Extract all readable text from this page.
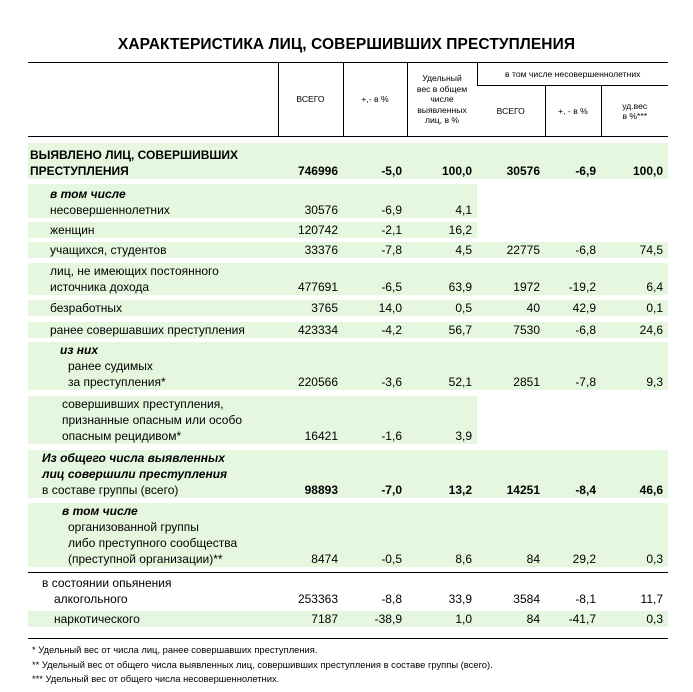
ХАРАКТЕРИСТИКА ЛИЦ, СОВЕРШИВШИХ ПРЕСТУПЛЕНИЯ
	ВСЕГО	+,- в %	Удельный
вес в общем
числе
выявленных
лиц, в %	в том числе несовершеннолетних		
				ВСЕГО	+, - в %	уд.вес
в %***

ВЫЯВЛЕНО ЛИЦ, СОВЕРШИВШИХ
ПРЕСТУПЛЕНИЯ	746996	-5,0	100,0	30576	-6,9	100,0

в том числе
несовершеннолетних	30576	-6,9	4,1			

женщин	120742	-2,1	16,2			

учащихся, студентов	33376	-7,8	4,5	22775	-6,8	74,5

лиц, не имеющих постоянного
источника дохода	477691	-6,5	63,9	1972	-19,2	6,4

безработных	3765	14,0	0,5	40	42,9	0,1

ранее совершавших преступления	423334	-4,2	56,7	7530	-6,8	24,6

из них
ранее судимых
за преступления*	220566	-3,6	52,1	2851	-7,8	9,3

совершивших преступления,
признанные опасным или особо
опасным рецидивом*	16421	-1,6	3,9			

Из общего числа выявленных
лиц совершили преступления
в составе группы (всего)	98893	-7,0	13,2	14251	-8,4	46,6

в том числе
организованной группы
либо преступного сообщества
(преступной организации)**	8474	-0,5	8,6	84	29,2	0,3

в состоянии опьянения
алкогольного	253363	-8,8	33,9	3584	-8,1	11,7

наркотического	7187	-38,9	1,0	84	-41,7	0,3
* Удельный вес от числа лиц, ранее совершавших преступления.
** Удельный вес от общего числа выявленных лиц, совершивших преступления в составе группы (всего).
*** Удельный вес от общего числа несовершеннолетних.
